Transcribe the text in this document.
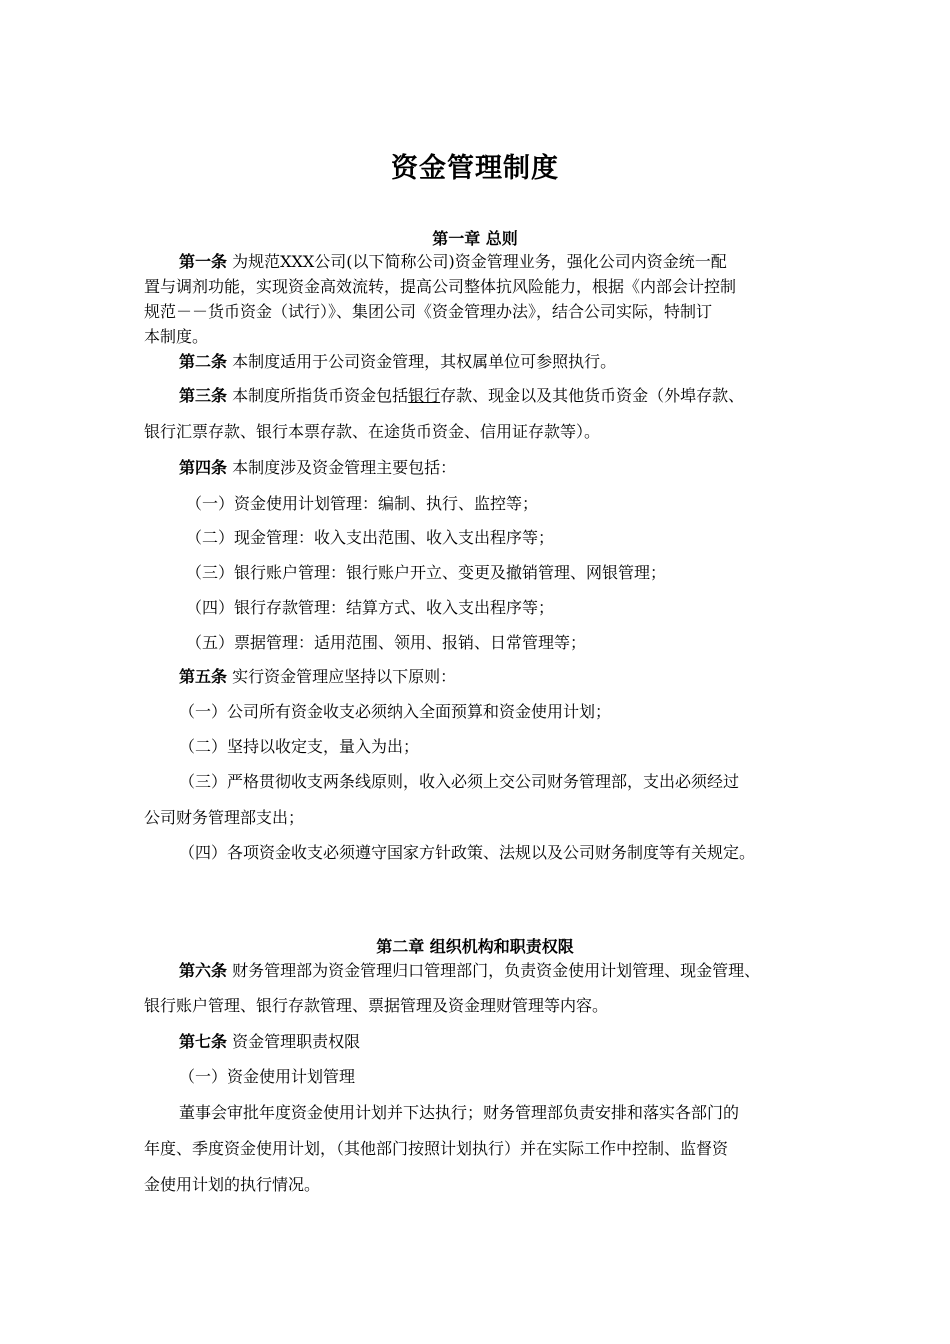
资金管理制度
第一章 总则
第一条 为规范XXX公司(以下简称公司)资金管理业务，强化公司内资金统一配
置与调剂功能，实现资金高效流转，提高公司整体抗风险能力，根据《内部会计控制
规范－－货币资金（试行）》、集团公司《资金管理办法》，结合公司实际，特制订
本制度。
第二条 本制度适用于公司资金管理，其权属单位可参照执行。
第三条 本制度所指货币资金包括银行存款、现金以及其他货币资金（外埠存款、
银行汇票存款、银行本票存款、在途货币资金、信用证存款等）。
第四条 本制度涉及资金管理主要包括：
（一）资金使用计划管理：编制、执行、监控等；
（二）现金管理：收入支出范围、收入支出程序等；
（三）银行账户管理：银行账户开立、变更及撤销管理、网银管理；
（四）银行存款管理：结算方式、收入支出程序等；
（五）票据管理：适用范围、领用、报销、日常管理等；
第五条 实行资金管理应坚持以下原则：
（一）公司所有资金收支必须纳入全面预算和资金使用计划；
（二）坚持以收定支，量入为出；
（三）严格贯彻收支两条线原则，收入必须上交公司财务管理部，支出必须经过
公司财务管理部支出；
（四）各项资金收支必须遵守国家方针政策、法规以及公司财务制度等有关规定。
第二章 组织机构和职责权限
第六条 财务管理部为资金管理归口管理部门，负责资金使用计划管理、现金管理、
银行账户管理、银行存款管理、票据管理及资金理财管理等内容。
第七条 资金管理职责权限
（一）资金使用计划管理
董事会审批年度资金使用计划并下达执行；财务管理部负责安排和落实各部门的
年度、季度资金使用计划，（其他部门按照计划执行）并在实际工作中控制、监督资
金使用计划的执行情况。
